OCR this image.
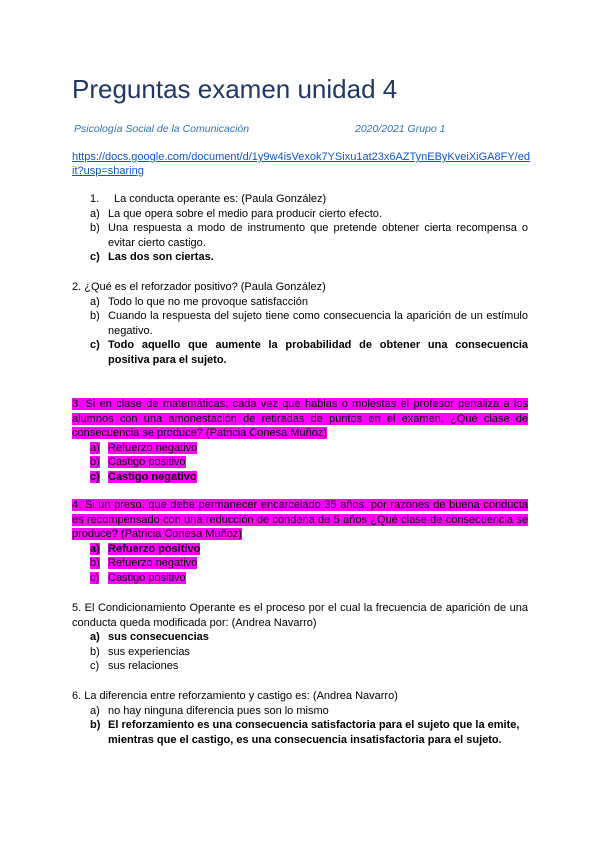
Preguntas examen unidad 4
Psicología Social de la Comunicación	2020/2021 Grupo 1
https://docs.google.com/document/d/1y9w4isVexok7YSixu1at23x6AZTynEByKveiXiGA8FY/edit?usp=sharing
1. La conducta operante es: (Paula González)
a) La que opera sobre el medio para producir cierto efecto.
b) Una respuesta a modo de instrumento que pretende obtener cierta recompensa o evitar cierto castigo.
c) Las dos son ciertas.
2. ¿Qué es el reforzador positivo? (Paula González)
a) Todo lo que no me provoque satisfacción
b) Cuando la respuesta del sujeto tiene como consecuencia la aparición de un estímulo negativo.
c) Todo aquello que aumente la probabilidad de obtener una consecuencia positiva para el sujeto.
3. Si en clase de matemáticas, cada vez que hablas o molestas el profesor penaliza a los alumnos con una amonestación de retiradas de puntos en el examen. ¿Qué clase de consecuencia se produce? (Patricia Conesa Muñoz)
a) Refuerzo negativo
b) Castigo positivo
c) Castigo negativo
4. Si un preso, que debe permanecer encarcelado 35 años, por razones de buena conducta es recompensado con una reducción de condena de 5 años ¿Qué clase de consecuencia se produce? (Patricia Conesa Muñoz)
a) Refuerzo positivo
b) Refuerzo negativo
c) Castigo positivo
5. El Condicionamiento Operante es el proceso por el cual la frecuencia de aparición de una conducta queda modificada por: (Andrea Navarro)
a) sus consecuencias
b) sus experiencias
c) sus relaciones
6. La diferencia entre reforzamiento y castigo es: (Andrea Navarro)
a) no hay ninguna diferencia pues son lo mismo
b) El reforzamiento es una consecuencia satisfactoria para el sujeto que la emite, mientras que el castigo, es una consecuencia insatisfactoria para el sujeto.
